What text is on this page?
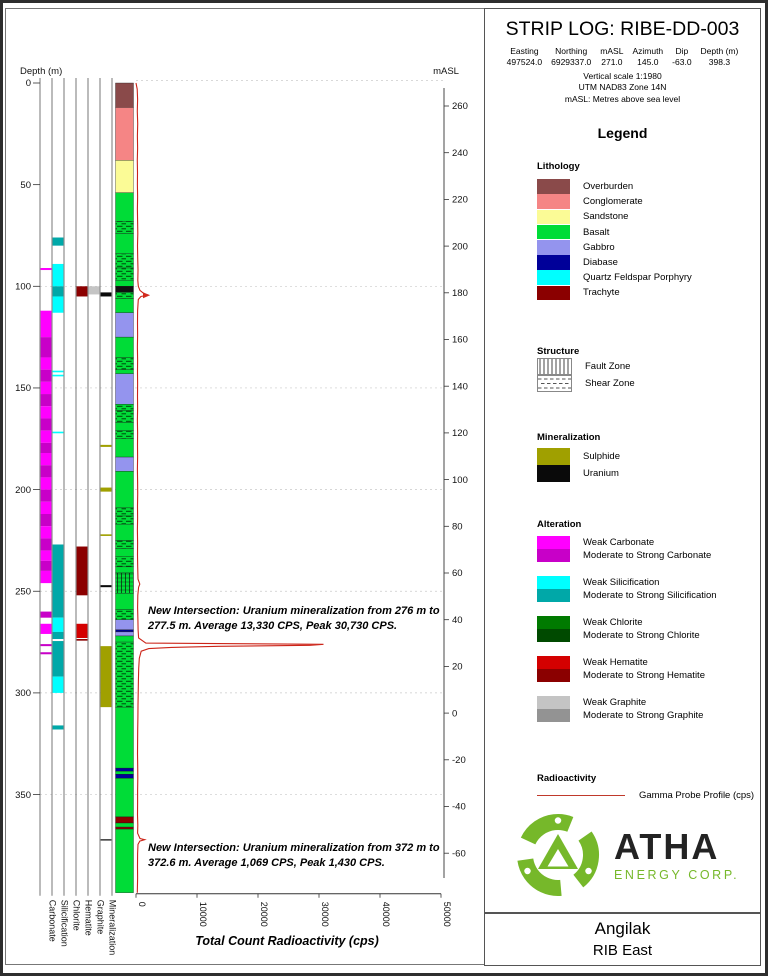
Depth (m)
0
50
100
150
200
250
300
350
mASL
260
240
220
200
180
160
140
120
100
80
60
40
20
0
-20
-40
-60
0	10000	20000	30000	40000	50000
Carbonate Silicification Chlorite Hematite Graphite Mineralization
New Intersection: Uranium mineralization from 276 m to 277.5 m. Average 13,330 CPS, Peak 30,730 CPS.
New Intersection: Uranium mineralization from 372 m to 372.6 m. Average 1,069 CPS, Peak 1,430 CPS.
Total Count Radioactivity (cps)
STRIP LOG: RIBE-DD-003
Easting
497524.0
Northing
6929337.0
mASL
271.0
Azimuth
145.0
Dip
-63.0
Depth (m)
398.3
Vertical scale 1:1980
UTM NAD83 Zone 14N
mASL: Metres above sea level
Legend
Lithology
Overburden
Conglomerate
Sandstone
Basalt
Gabbro
Diabase
Quartz Feldspar Porphyry
Trachyte
Structure
Fault Zone
Shear Zone
Mineralization
Sulphide
Uranium
Alteration
Weak Carbonate
Moderate to Strong Carbonate
Weak Silicification
Moderate to Strong Silicification
Weak Chlorite
Moderate to Strong Chlorite
Weak Hematite
Moderate to Strong Hematite
Weak Graphite
Moderate to Strong Graphite
Radioactivity
Gamma Probe Profile (cps)
ATHA
ENERGY CORP.
Angilak
RIB East
